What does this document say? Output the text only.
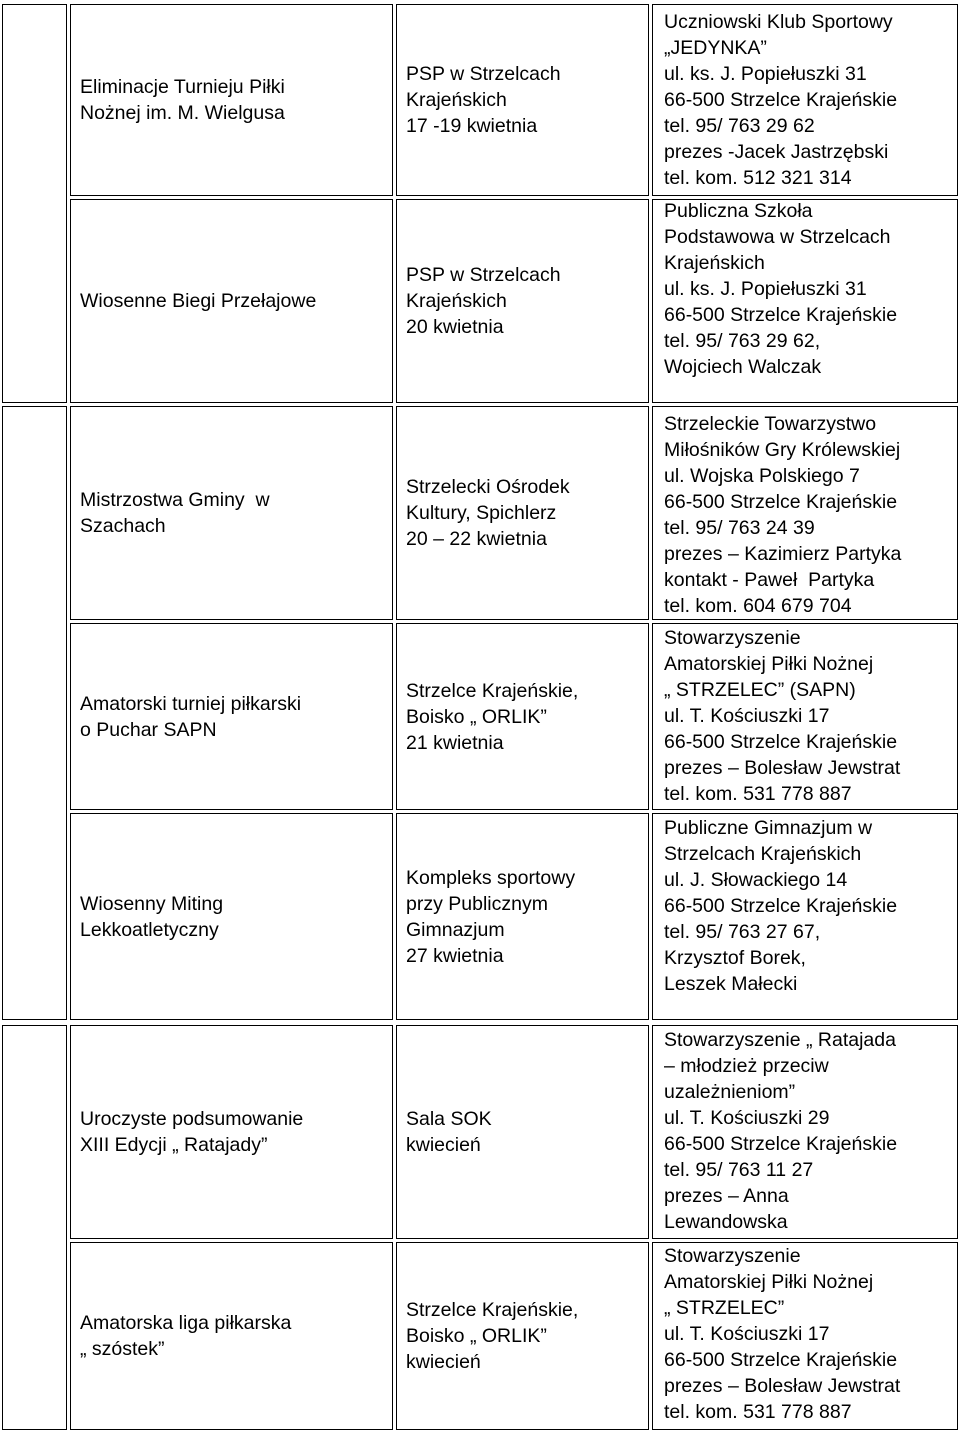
Eliminacje Turnieju Piłki
Nożnej im. M. Wielgusa
PSP w Strzelcach
Krajeńskich
17 -19 kwietnia
Uczniowski Klub Sportowy
„JEDYNKA”
ul. ks. J. Popiełuszki 31
66-500 Strzelce Krajeńskie
tel. 95/ 763 29 62
prezes -Jacek Jastrzębski
tel. kom. 512 321 314
Wiosenne Biegi Przełajowe
PSP w Strzelcach
Krajeńskich
20 kwietnia
Publiczna Szkoła
Podstawowa w Strzelcach
Krajeńskich
ul. ks. J. Popiełuszki 31
66-500 Strzelce Krajeńskie
tel. 95/ 763 29 62,
Wojciech Walczak
Mistrzostwa Gminy  w
Szachach
Strzelecki Ośrodek
Kultury, Spichlerz
20 – 22 kwietnia
Strzeleckie Towarzystwo
Miłośników Gry Królewskiej
ul. Wojska Polskiego 7
66-500 Strzelce Krajeńskie
tel. 95/ 763 24 39
prezes – Kazimierz Partyka
kontakt - Paweł  Partyka
tel. kom. 604 679 704
Amatorski turniej piłkarski
o Puchar SAPN
Strzelce Krajeńskie,
Boisko „ ORLIK”
21 kwietnia
Stowarzyszenie
Amatorskiej Piłki Nożnej
„ STRZELEC” (SAPN)
ul. T. Kościuszki 17
66-500 Strzelce Krajeńskie
prezes – Bolesław Jewstrat
tel. kom. 531 778 887
Wiosenny Miting
Lekkoatletyczny
Kompleks sportowy
przy Publicznym
Gimnazjum
27 kwietnia
Publiczne Gimnazjum w
Strzelcach Krajeńskich
ul. J. Słowackiego 14
66-500 Strzelce Krajeńskie
tel. 95/ 763 27 67,
Krzysztof Borek,
Leszek Małecki
Uroczyste podsumowanie
XIII Edycji „ Ratajady”
Sala SOK
kwiecień
Stowarzyszenie „ Ratajada
– młodzież przeciw
uzależnieniom”
ul. T. Kościuszki 29
66-500 Strzelce Krajeńskie
tel. 95/ 763 11 27
prezes – Anna
Lewandowska
Amatorska liga piłkarska
„ szóstek”
Strzelce Krajeńskie,
Boisko „ ORLIK”
kwiecień
Stowarzyszenie
Amatorskiej Piłki Nożnej
„ STRZELEC”
ul. T. Kościuszki 17
66-500 Strzelce Krajeńskie
prezes – Bolesław Jewstrat
tel. kom. 531 778 887
